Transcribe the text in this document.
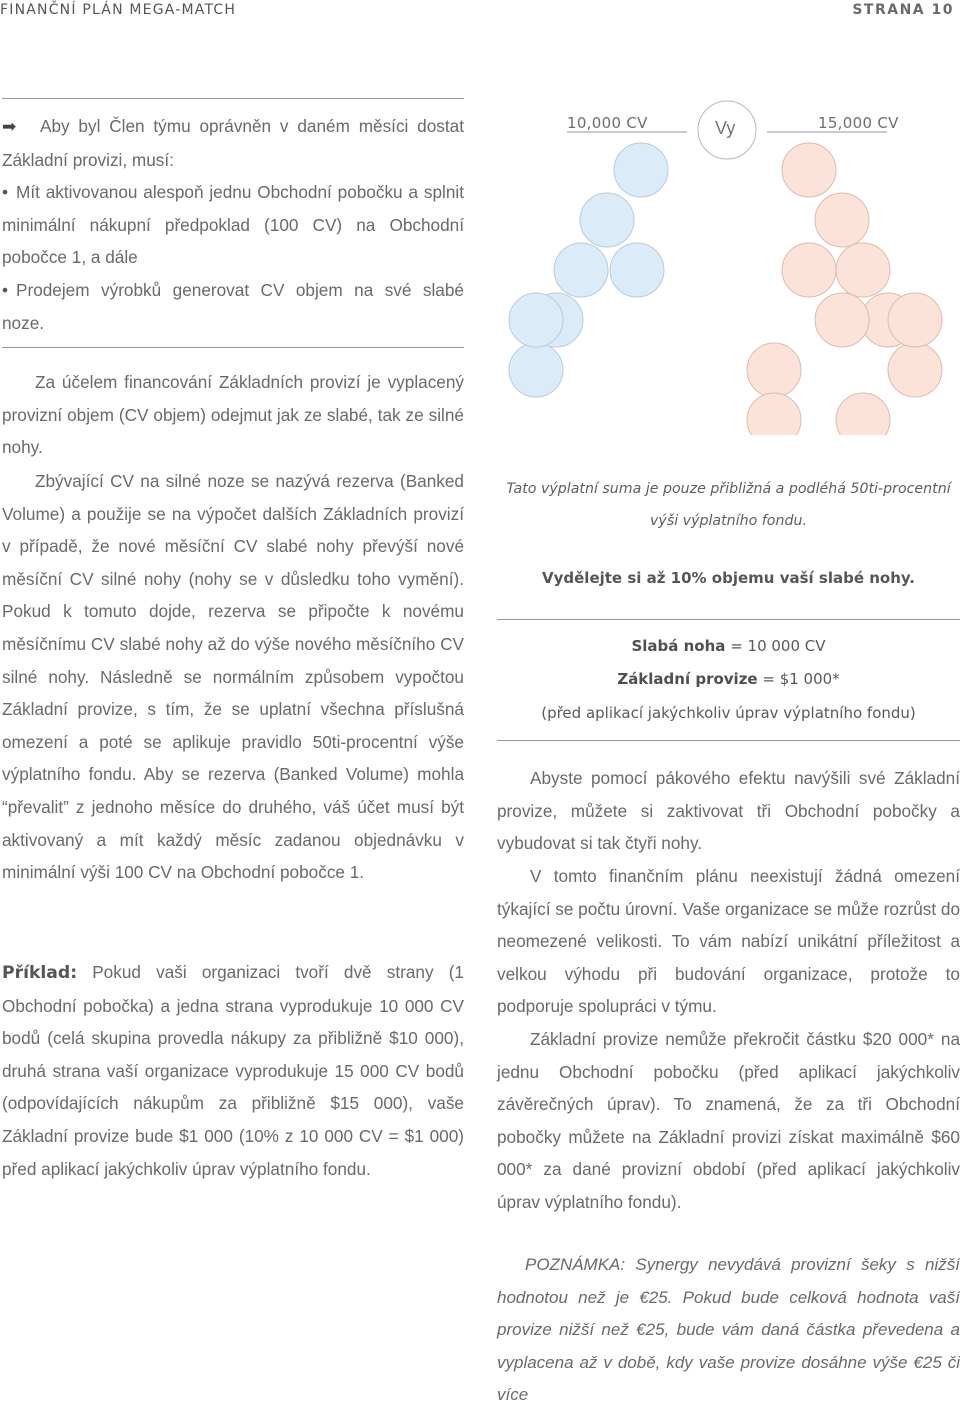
FINANČNÍ PLÁN MEGA-MATCH	STRANA 10
➡ Aby byl Člen týmu oprávněn v daném měsíci dostat Základní provizi, musí:
• Mít aktivovanou alespoň jednu Obchodní pobočku a splnit minimální nákupní předpoklad (100 CV) na Obchodní pobočce 1, a dále
• Prodejem výrobků generovat CV objem na své slabé noze.
Za účelem financování Základních provizí je vyplacený provizní objem (CV objem) odejmut jak ze slabé, tak ze silné nohy.
Zbývající CV na silné noze se nazývá rezerva (Banked Volume) a použije se na výpočet dalších Základních provizí v případě, že nové měsíční CV slabé nohy převýší nové měsíční CV silné nohy (nohy se v důsledku toho vymění). Pokud k tomuto dojde, rezerva se připočte k novému měsíčnímu CV slabé nohy až do výše nového měsíčního CV silné nohy. Následně se normálním způsobem vypočtou Základní provize, s tím, že se uplatní všechna příslušná omezení a poté se aplikuje pravidlo 50ti-procentní výše výplatního fondu. Aby se rezerva (Banked Volume) mohla “převalit” z jednoho měsíce do druhého, váš účet musí být aktivovaný a mít každý měsíc zadanou objednávku v minimální výši 100 CV na Obchodní pobočce 1.
Příklad: Pokud vaši organizaci tvoří dvě strany (1 Obchodní pobočka) a jedna strana vyprodukuje 10 000 CV bodů (celá skupina provedla nákupy za přibližně $10 000), druhá strana vaší organizace vyprodukuje 15 000 CV bodů (odpovídajících nákupům za přibližně $15 000), vaše Základní provize bude $1 000 (10% z 10 000 CV = $1 000) před aplikací jakýchkoliv úprav výplatního fondu.
10,000 CV	Vy	15,000 CV
Tato výplatní suma je pouze přibližná a podléhá 50ti-procentní výši výplatního fondu.
Vydělejte si až 10% objemu vaší slabé nohy.
Slabá noha = 10 000 CV
Základní provize = $1 000*
(před aplikací jakýchkoliv úprav výplatního fondu)
Abyste pomocí pákového efektu navýšili své Základní provize, můžete si zaktivovat tři Obchodní pobočky a vybudovat si tak čtyři nohy.
V tomto finančním plánu neexistují žádná omezení týkající se počtu úrovní. Vaše organizace se může rozrůst do neomezené velikosti. To vám nabízí unikátní příležitost a velkou výhodu při budování organizace, protože to podporuje spolupráci v týmu.
Základní provize nemůže překročit částku $20 000* na jednu Obchodní pobočku (před aplikací jakýchkoliv závěrečných úprav). To znamená, že za tři Obchodní pobočky můžete na Základní provizi získat maximálně $60 000* za dané provizní období (před aplikací jakýchkoliv úprav výplatního fondu).
POZNÁMKA: Synergy nevydává provizní šeky s nižší hodnotou než je €25. Pokud bude celková hodnota vaší provize nižší než €25, bude vám daná částka převedena a vyplacena až v době, kdy vaše provize dosáhne výše €25 či více
